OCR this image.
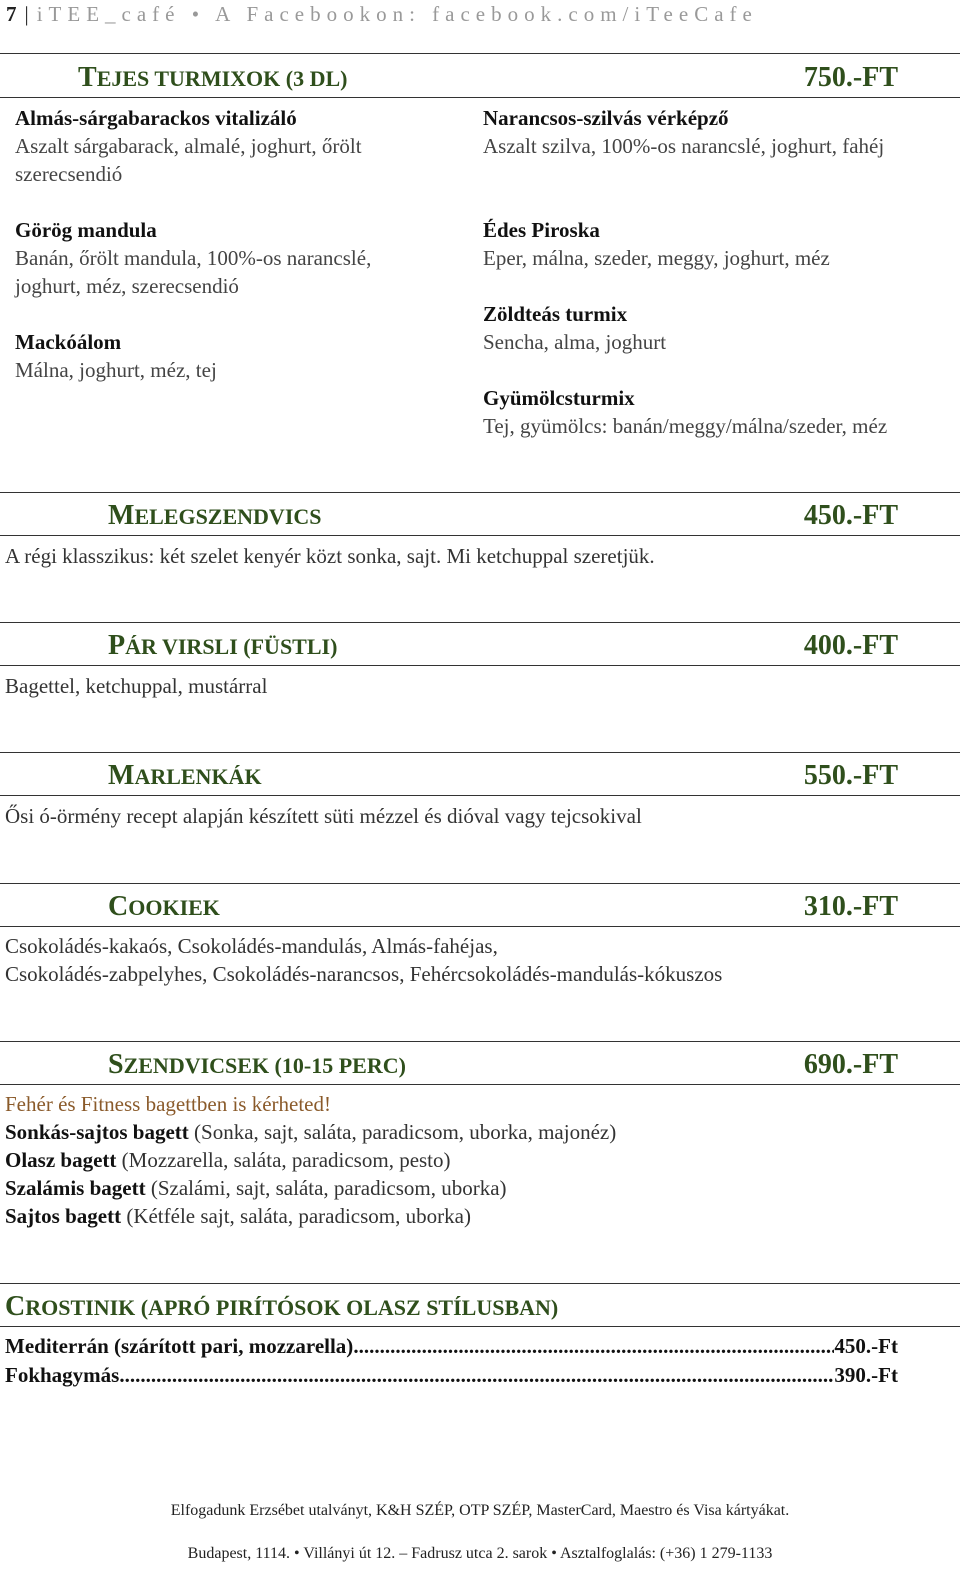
7 | iTEE_café • A Facebookon: facebook.com/iTeeCafe
TEJES TURMIXOK (3 DL)	750.-FT
Almás-sárgabarackos vitalizáló
Aszalt sárgabarack, almalé, joghurt, őrölt szerecsendió
Görög mandula
Banán, őrölt mandula, 100%-os narancslé, joghurt, méz, szerecsendió
Mackóálom
Málna, joghurt, méz, tej
Narancsos-szilvás vérképző
Aszalt szilva, 100%-os narancslé, joghurt, fahéj
Édes Piroska
Eper, málna, szeder, meggy, joghurt, méz
Zöldteás turmix
Sencha, alma, joghurt
Gyümölcsturmix
Tej, gyümölcs: banán/meggy/málna/szeder, méz
MELEGSZENDVICS	450.-FT
A régi klasszikus: két szelet kenyér közt sonka, sajt. Mi ketchuppal szeretjük.
PÁR VIRSLI (FÜSTLI)	400.-FT
Bagettel, ketchuppal, mustárral
MARLENKÁK	550.-FT
Ősi ó-örmény recept alapján készített süti mézzel és dióval vagy tejcsokival
COOKIEK	310.-FT
Csokoládés-kakaós, Csokoládés-mandulás, Almás-fahéjas,
Csokoládés-zabpelyhes, Csokoládés-narancsos, Fehércsokoládés-mandulás-kókuszos
SZENDVICSEK (10-15 PERC)	690.-FT
Fehér és Fitness bagettben is kérheted!
Sonkás-sajtos bagett (Sonka, sajt, saláta, paradicsom, uborka, majonéz)
Olasz bagett (Mozzarella, saláta, paradicsom, pesto)
Szalámis bagett (Szalámi, sajt, saláta, paradicsom, uborka)
Sajtos bagett (Kétféle sajt, saláta, paradicsom, uborka)
CROSTINIK (APRÓ PIRÍTÓSOK OLASZ STÍLUSBAN)
Mediterrán (szárított pari, mozzarella) .....	450.-Ft
Fokhagymás .....	390.-Ft
Elfogadunk Erzsébet utalványt, K&H SZÉP, OTP SZÉP, MasterCard, Maestro és Visa kártyákat.
Budapest, 1114. • Villányi út 12. – Fadrusz utca 2. sarok • Asztalfoglalás: (+36) 1 279-1133
